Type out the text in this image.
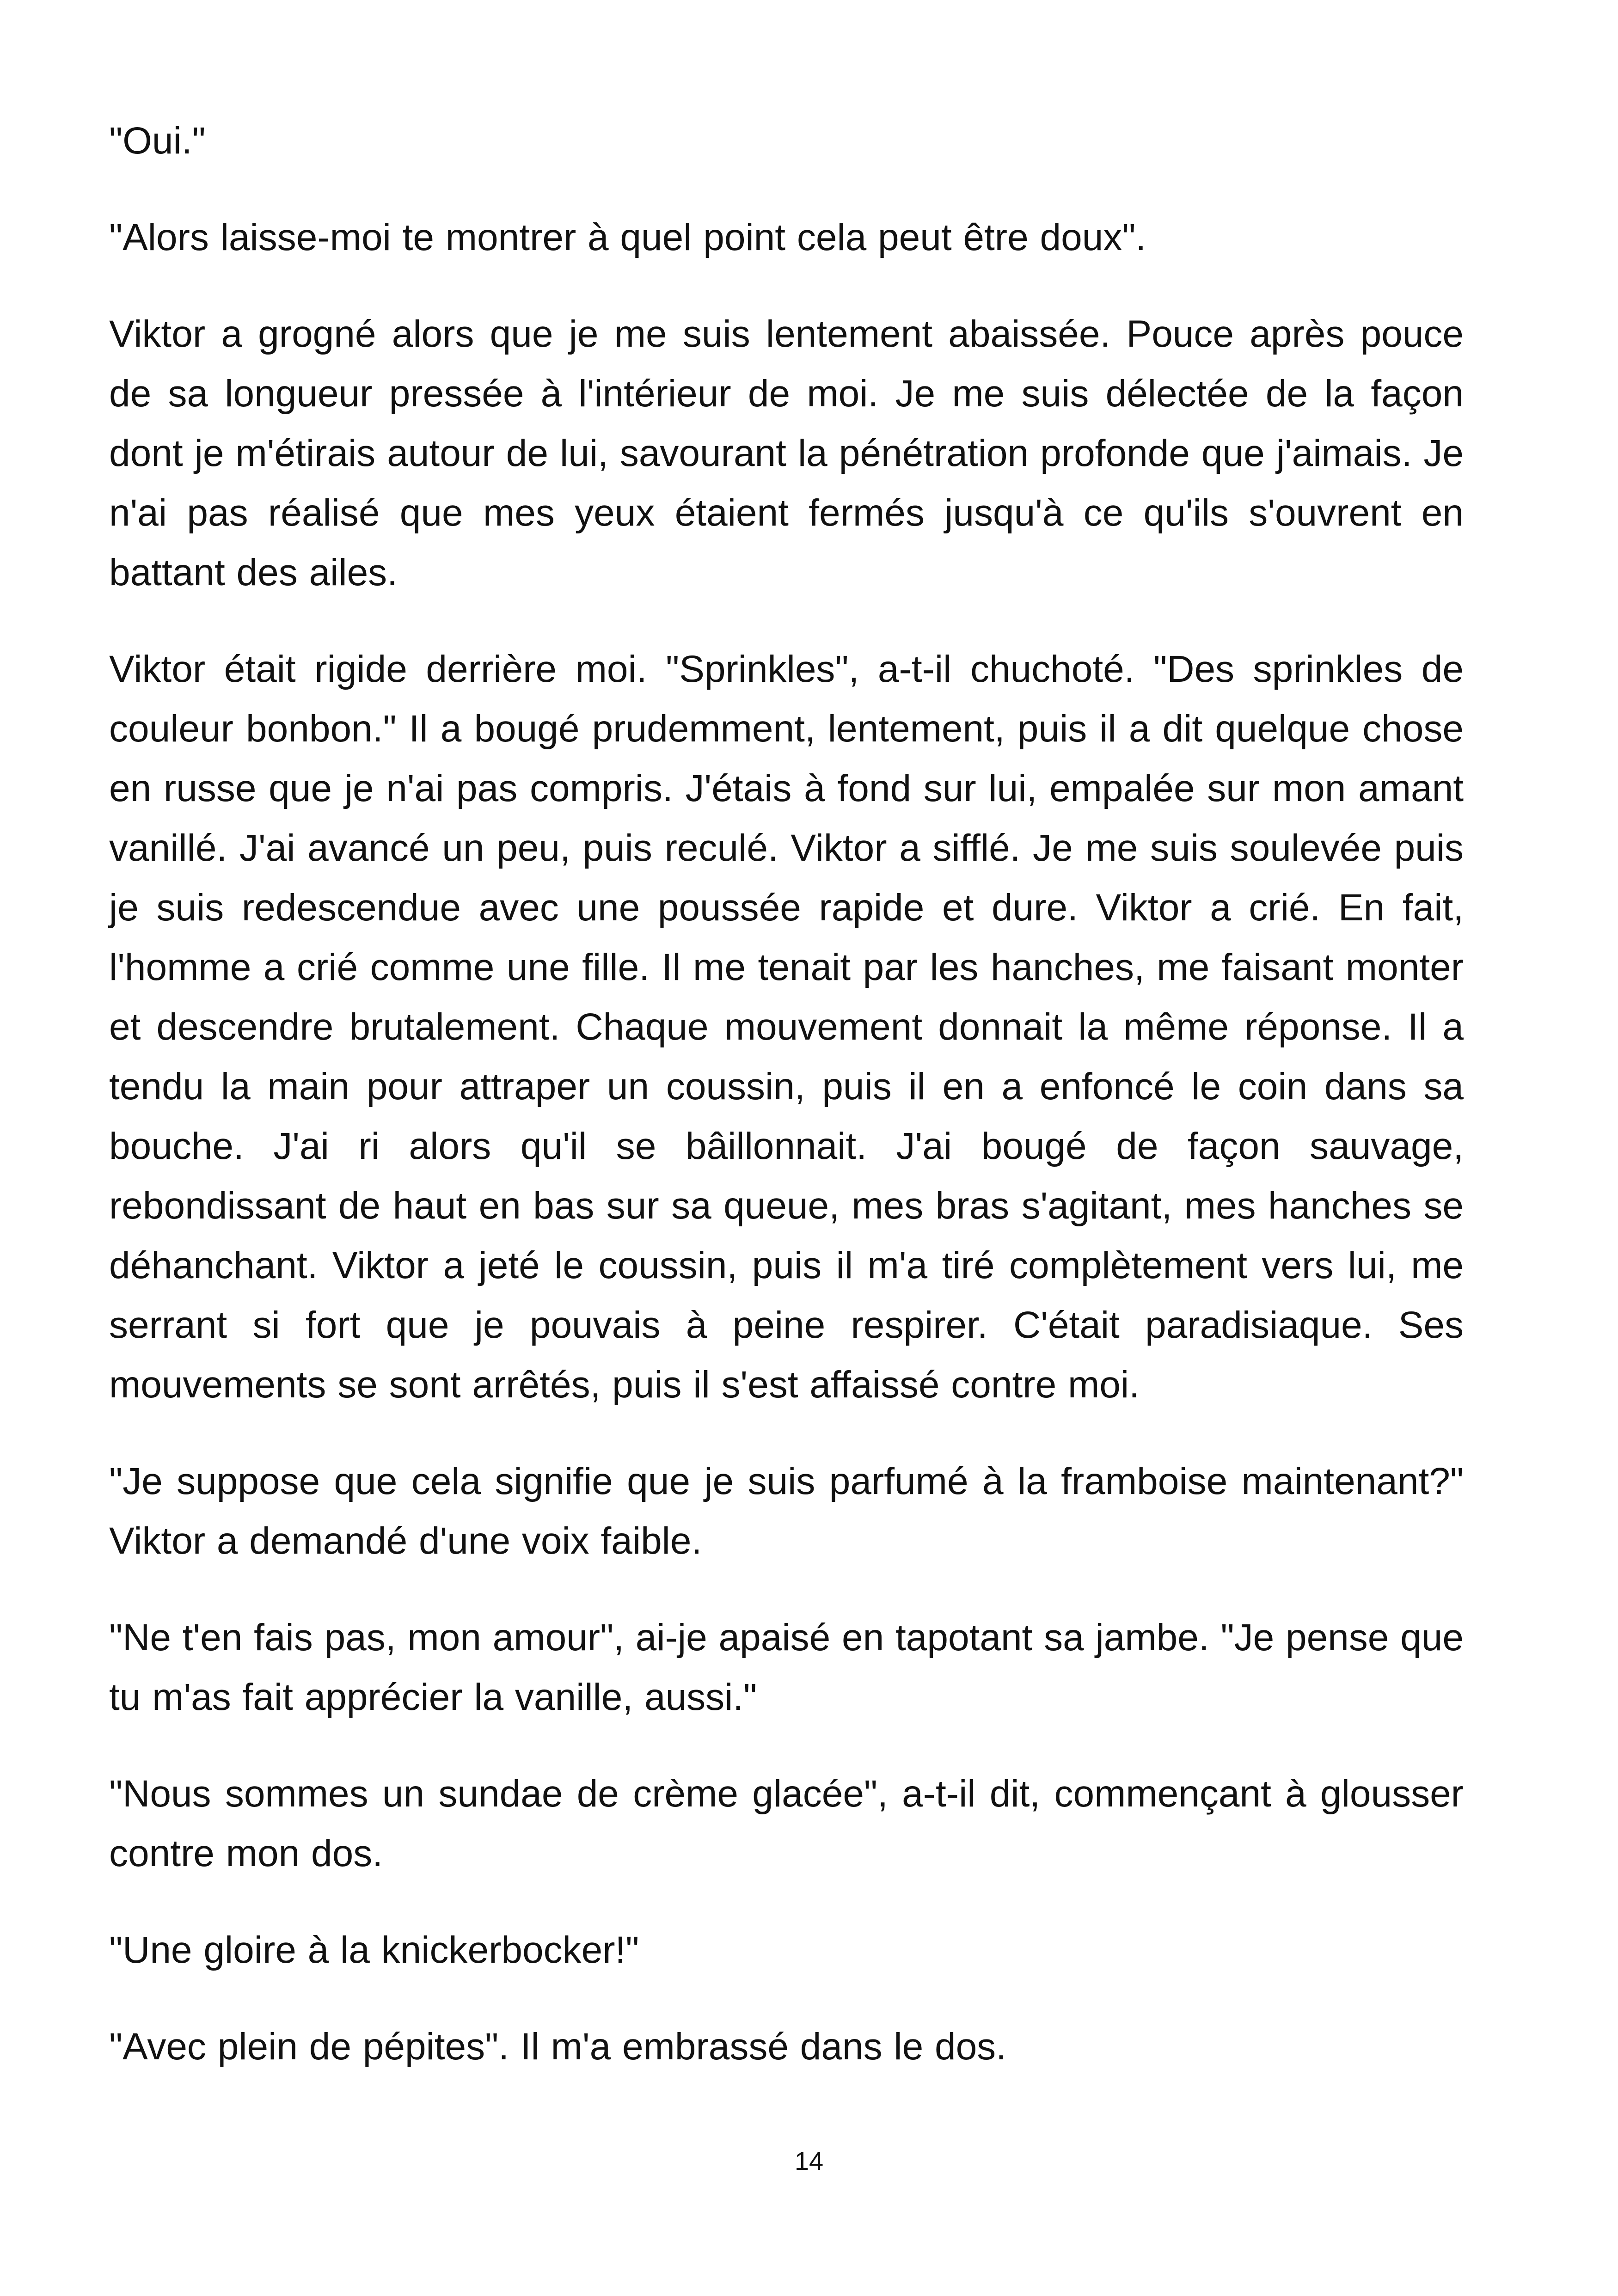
"Oui."

"Alors laisse-moi te montrer à quel point cela peut être doux".

Viktor a grogné alors que je me suis lentement abaissée. Pouce après pouce de sa longueur pressée à l'intérieur de moi. Je me suis délectée de la façon dont je m'étirais autour de lui, savourant la pénétration profonde que j'aimais. Je n'ai pas réalisé que mes yeux étaient fermés jusqu'à ce qu'ils s'ouvrent en battant des ailes.

Viktor était rigide derrière moi. "Sprinkles", a-t-il chuchoté. "Des sprinkles de couleur bonbon." Il a bougé prudemment, lentement, puis il a dit quelque chose en russe que je n'ai pas compris. J'étais à fond sur lui, empalée sur mon amant vanillé. J'ai avancé un peu, puis reculé. Viktor a sifflé. Je me suis soulevée puis je suis redescendue avec une poussée rapide et dure. Viktor a crié. En fait, l'homme a crié comme une fille. Il me tenait par les hanches, me faisant monter et descendre brutalement. Chaque mouvement donnait la même réponse. Il a tendu la main pour attraper un coussin, puis il en a enfoncé le coin dans sa bouche. J'ai ri alors qu'il se bâillonnait. J'ai bougé de façon sauvage, rebondissant de haut en bas sur sa queue, mes bras s'agitant, mes hanches se déhanchant. Viktor a jeté le coussin, puis il m'a tiré complètement vers lui, me serrant si fort que je pouvais à peine respirer. C'était paradisiaque. Ses mouvements se sont arrêtés, puis il s'est affaissé contre moi.

"Je suppose que cela signifie que je suis parfumé à la framboise maintenant?" Viktor a demandé d'une voix faible.

"Ne t'en fais pas, mon amour", ai-je apaisé en tapotant sa jambe. "Je pense que tu m'as fait apprécier la vanille, aussi."

"Nous sommes un sundae de crème glacée", a-t-il dit, commençant à glousser contre mon dos.

"Une gloire à la knickerbocker!"

"Avec plein de pépites". Il m'a embrassé dans le dos.

14
